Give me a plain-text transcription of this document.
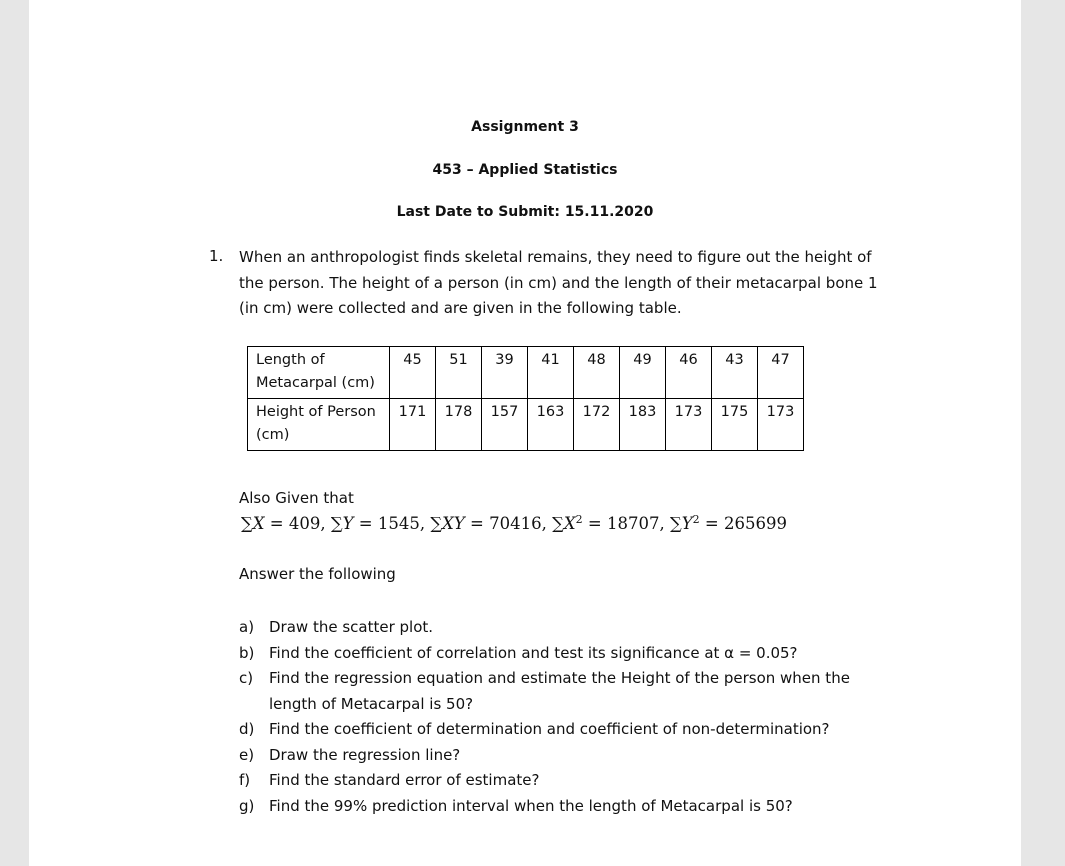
Assignment 3
453 – Applied Statistics
Last Date to Submit: 15.11.2020
1. When an anthropologist finds skeletal remains, they need to figure out the height of the person. The height of a person (in cm) and the length of their metacarpal bone 1 (in cm) were collected and are given in the following table.
Length of Metacarpal (cm)	45	51	39	41	48	49	46	43	47
Height of Person (cm)	171	178	157	163	172	183	173	175	173
Also Given that
∑X = 409, ∑Y = 1545, ∑XY = 70416, $\sum X^2 = 18707$, $\sum Y^2 = 265699$
Answer the following
a) Draw the scatter plot.
b) Find the coefficient of correlation and test its significance at α = 0.05?
c)	Find the regression equation and estimate the Height of the person when the length of Metacarpal is 50?
d) Find the coefficient of determination and coefficient of non-determination?
e) Draw the regression line?
f)	Find the standard error of estimate?
g) Find the 99% prediction interval when the length of Metacarpal is 50?
